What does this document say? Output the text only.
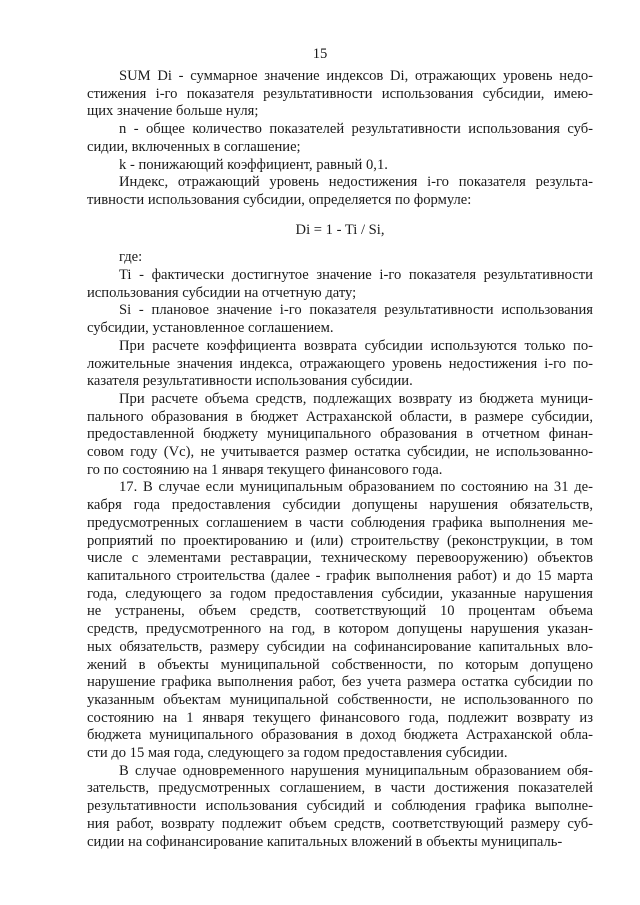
15
SUM Di - суммарное значение индексов Di, отражающих уровень недо-
стижения i-го показателя результативности использования субсидии, имею-
щих значение больше нуля;
n - общее количество показателей результативности использования суб-
сидии, включенных в соглашение;
k - понижающий коэффициент, равный 0,1.
Индекс, отражающий уровень недостижения i-го показателя результа-
тивности использования субсидии, определяется по формуле:
Di = 1 - Ti / Si,
где:
Ti - фактически достигнутое значение i-го показателя результативности
использования субсидии на отчетную дату;
Si - плановое значение i-го показателя результативности использования
субсидии, установленное соглашением.
При расчете коэффициента возврата субсидии используются только по-
ложительные значения индекса, отражающего уровень недостижения i-го по-
казателя результативности использования субсидии.
При расчете объема средств, подлежащих возврату из бюджета муници-
пального образования в бюджет Астраханской области, в размере субсидии,
предоставленной бюджету муниципального образования в отчетном финан-
совом году (Vc), не учитывается размер остатка субсидии, не использованно-
го по состоянию на 1 января текущего финансового года.
17. В случае если муниципальным образованием по состоянию на 31 де-
кабря года предоставления субсидии допущены нарушения обязательств,
предусмотренных соглашением в части соблюдения графика выполнения ме-
роприятий по проектированию и (или) строительству (реконструкции, в том
числе с элементами реставрации, техническому перевооружению) объектов
капитального строительства (далее - график выполнения работ) и до 15 марта
года, следующего за годом предоставления субсидии, указанные нарушения
не устранены, объем средств, соответствующий 10 процентам объема
средств, предусмотренного на год, в котором допущены нарушения указан-
ных обязательств, размеру субсидии на софинансирование капитальных вло-
жений в объекты муниципальной собственности, по которым допущено
нарушение графика выполнения работ, без учета размера остатка субсидии по
указанным объектам муниципальной собственности, не использованного по
состоянию на 1 января текущего финансового года, подлежит возврату из
бюджета муниципального образования в доход бюджета Астраханской обла-
сти до 15 мая года, следующего за годом предоставления субсидии.
В случае одновременного нарушения муниципальным образованием обя-
зательств, предусмотренных соглашением, в части достижения показателей
результативности использования субсидий и соблюдения графика выполне-
ния работ, возврату подлежит объем средств, соответствующий размеру суб-
сидии на софинансирование капитальных вложений в объекты муниципаль-
